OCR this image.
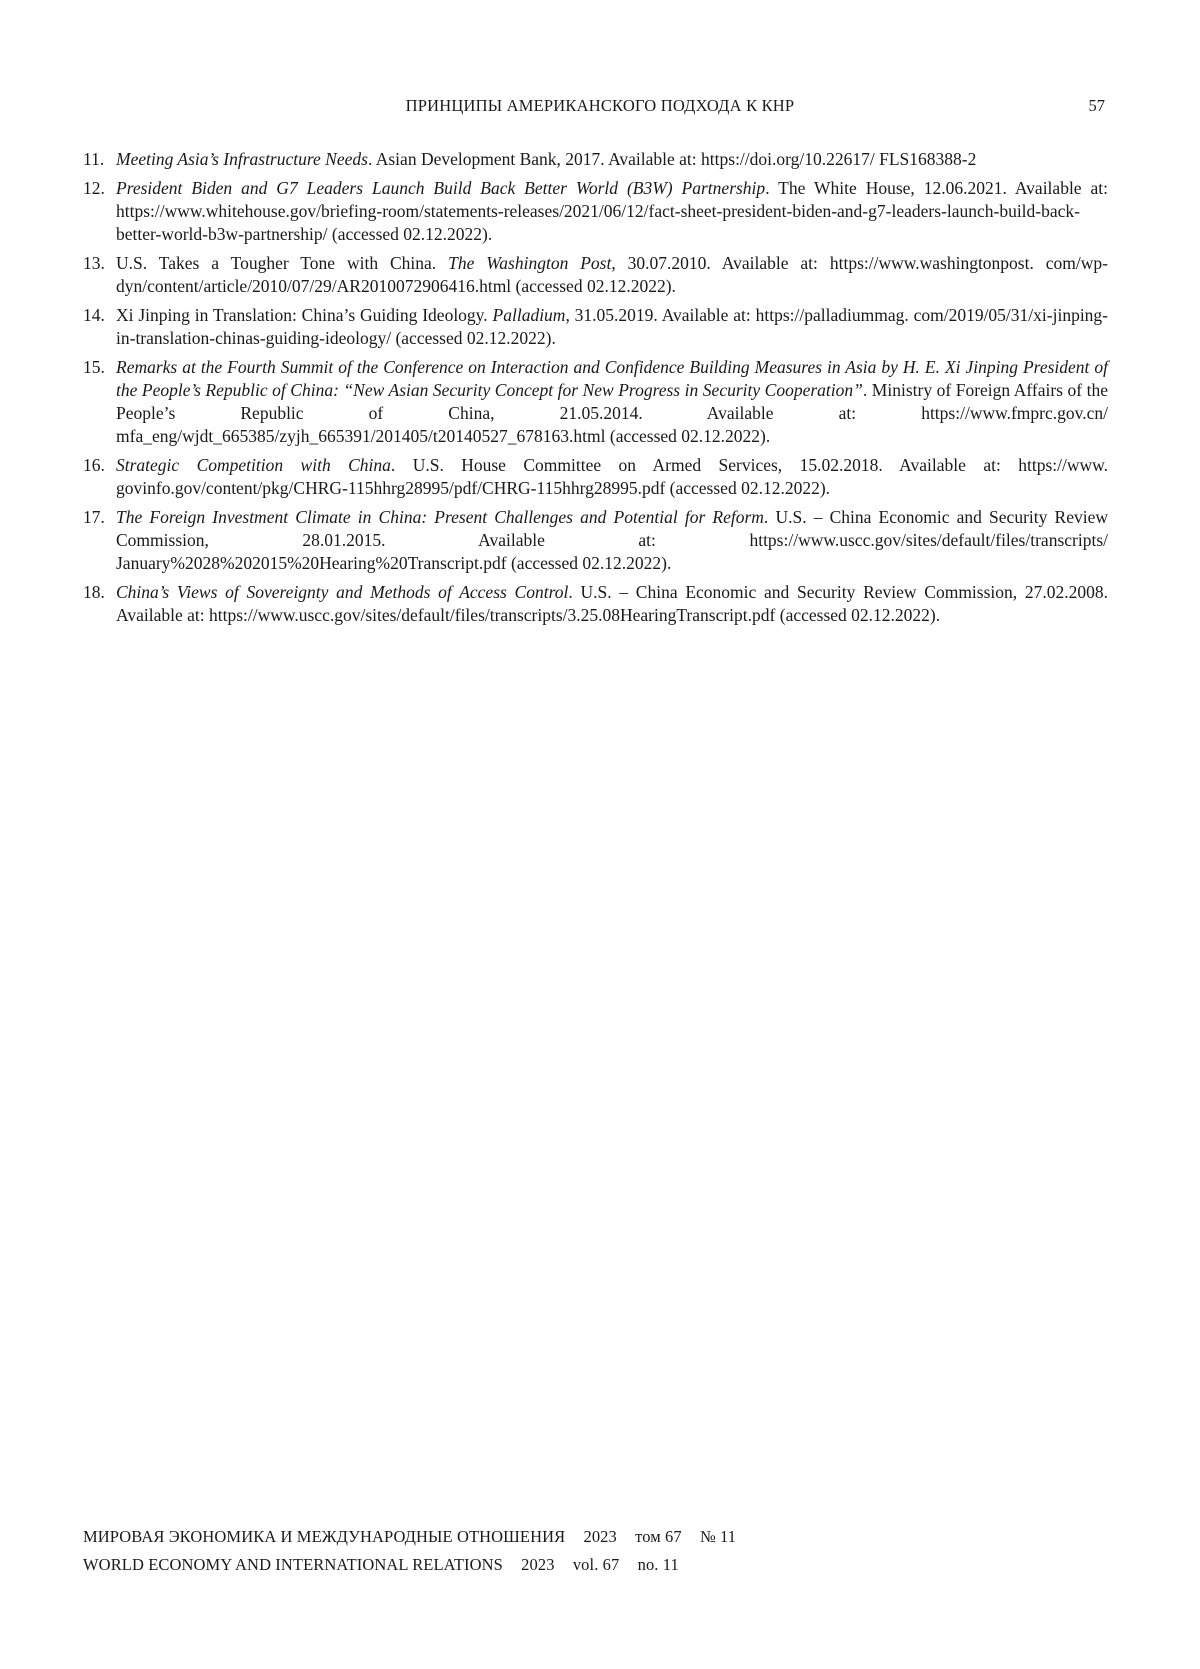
ПРИНЦИПЫ АМЕРИКАНСКОГО ПОДХОДА К КНР	57
11. Meeting Asia’s Infrastructure Needs. Asian Development Bank, 2017. Available at: https://doi.org/10.22617/ FLS168388-2
12. President Biden and G7 Leaders Launch Build Back Better World (B3W) Partnership. The White House, 12.06.2021. Available at: https://www.whitehouse.gov/briefing-room/statements-releases/2021/06/12/fact-sheet-president-biden-and-g7-leaders-launch-build-back-better-world-b3w-partnership/ (accessed 02.12.2022).
13. U.S. Takes a Tougher Tone with China. The Washington Post, 30.07.2010. Available at: https://www.washingtonpost. com/wp-dyn/content/article/2010/07/29/AR2010072906416.html (accessed 02.12.2022).
14. Xi Jinping in Translation: China’s Guiding Ideology. Palladium, 31.05.2019. Available at: https://palladiummag. com/2019/05/31/xi-jinping-in-translation-chinas-guiding-ideology/ (accessed 02.12.2022).
15. Remarks at the Fourth Summit of the Conference on Interaction and Confidence Building Measures in Asia by H. E. Xi Jinping President of the People’s Republic of China: “New Asian Security Concept for New Progress in Security Cooperation”. Ministry of Foreign Affairs of the People’s Republic of China, 21.05.2014. Available at: https://www.fmprc.gov.cn/ mfa_eng/wjdt_665385/zyjh_665391/201405/t20140527_678163.html (accessed 02.12.2022).
16. Strategic Competition with China. U.S. House Committee on Armed Services, 15.02.2018. Available at: https://www. govinfo.gov/content/pkg/CHRG-115hhrg28995/pdf/CHRG-115hhrg28995.pdf (accessed 02.12.2022).
17. The Foreign Investment Climate in China: Present Challenges and Potential for Reform. U.S. – China Economic and Security Review Commission, 28.01.2015. Available at: https://www.uscc.gov/sites/default/files/transcripts/ January%2028%202015%20Hearing%20Transcript.pdf (accessed 02.12.2022).
18. China’s Views of Sovereignty and Methods of Access Control. U.S. – China Economic and Security Review Commission, 27.02.2008. Available at: https://www.uscc.gov/sites/default/files/transcripts/3.25.08HearingTranscript.pdf (accessed 02.12.2022).
МИРОВАЯ ЭКОНОМИКА И МЕЖДУНАРОДНЫЕ ОТНОШЕНИЯ 2023 том 67 № 11
WORLD ECONOMY AND INTERNATIONAL RELATIONS 2023 vol. 67 no. 11
